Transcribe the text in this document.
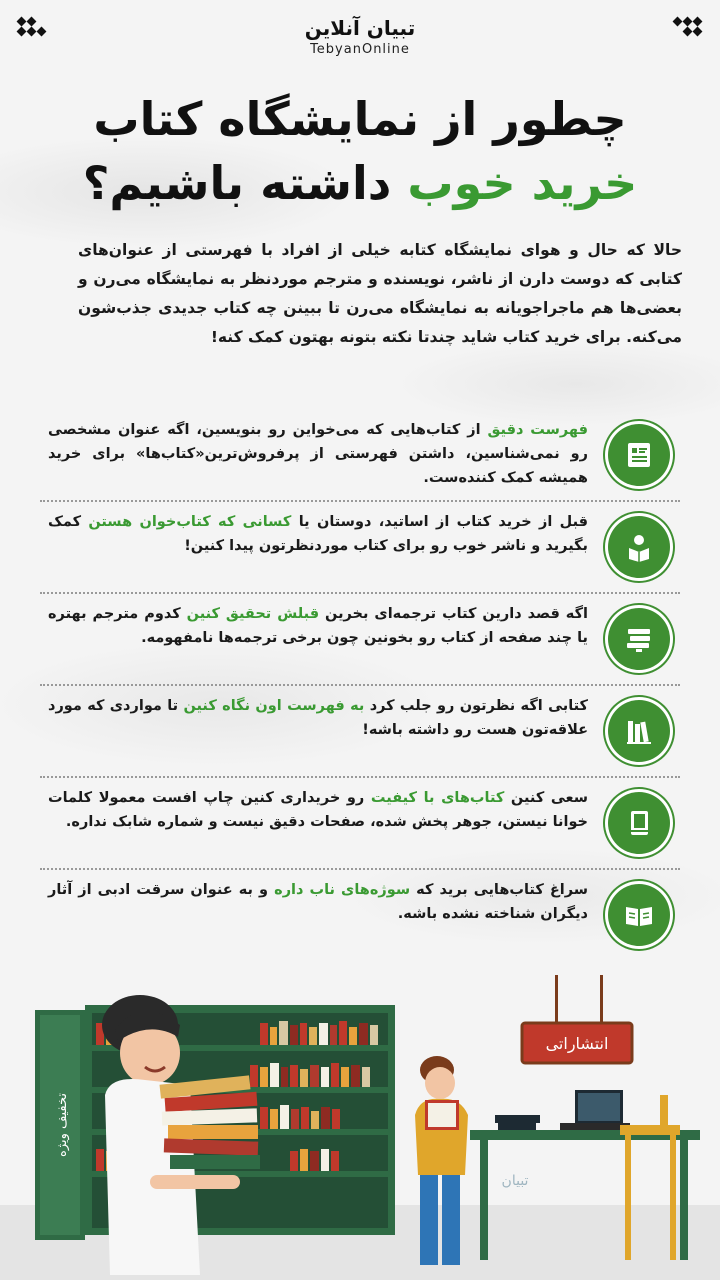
تبیان آنلاین
TebyanOnline
چطور از نمایشگاه کتاب
خرید خوب داشته باشیم؟
حالا که حال و هوای نمایشگاه کتابه خیلی از افراد با فهرستی از عنوان‌های کتابی که دوست دارن از ناشر، نویسنده و مترجم موردنظر به نمایشگاه می‌رن و بعضی‌ها هم ماجراجویانه به نمایشگاه می‌رن تا ببینن چه کتاب جدیدی جذب‌شون می‌کنه. برای خرید کتاب شاید چندتا نکته بتونه بهتون کمک کنه!
فهرست دقیق از کتاب‌هایی که می‌خواین رو بنویسین، اگه عنوان مشخصی رو نمی‌شناسین، داشتن فهرستی از پرفروش‌ترین«کتاب‌ها» برای خرید همیشه کمک کننده‌ست.
قبل از خرید کتاب از اساتید، دوستان یا کسانی که کتاب‌خوان هستن کمک بگیرید و ناشر خوب رو برای کتاب موردنظرتون پیدا کنین!
اگه قصد دارین کتاب ترجمه‌ای بخرین قبلش تحقیق کنین کدوم مترجم بهتره یا چند صفحه از کتاب رو بخونین چون برخی ترجمه‌ها نامفهومه.
کتابی اگه نظرتون رو جلب کرد به فهرست اون نگاه کنین تا مواردی که مورد علاقه‌تون هست رو داشته باشه!
سعی کنین کتاب‌های با کیفیت رو خریداری کنین چاپ افست معمولا کلمات خوانا نیستن، جوهر پخش شده، صفحات دقیق نیست و شماره شابک نداره.
سراغ کتاب‌هایی برید که سوژه‌های ناب داره و به عنوان سرقت ادبی از آثار دیگران شناخته نشده باشه.
تخفیف ویژه
انتشاراتی
تبیان
